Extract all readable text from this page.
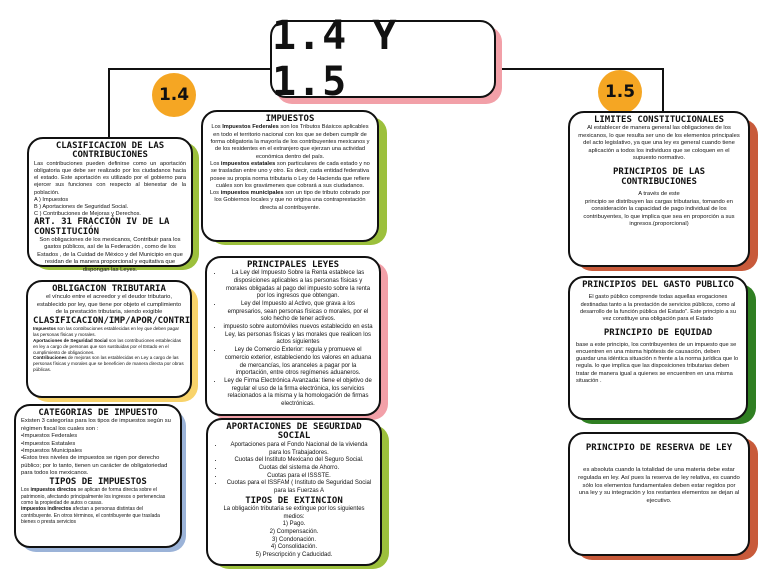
1.4 Y 1.5
1.4	1.5

CLASIFICACION DE LAS CONTRIBUCIONES

Las contribuciones pueden definirse como un aportación obligatoria que debe ser realizado por los ciudadanos hacia el estado. Este aportación es utilizado por el gobierno para ejercer sus funciones con respecto al bienestar de la población.

A ) Impuestos

B ) Aportaciones de Seguridad Social.

C ) Contribuciones de Mejoras y Derechos.

ART. 31 FRACCIÓN IV DE LA CONSTITUCIÓN

Son obligaciones de los mexicanos, Contribuir para los gastos públicos, así de la Federación , como de los Estados , de la Cuidad de México y del Municipio en que residan de la manera proporcional y equitativa que dispongan las Leyes.

OBLIGACION TRIBUTARIA

el vínculo entre el acreedor y el deudor tributario, establecido por ley, que tiene por objeto el cumplimiento de la prestación tributaria, siendo exigible

CLASIFICACION/IMP/APOR/CONTRI

Impuestos son las contribuciones establecidas en ley que deben pagar las personas físicas y morales.

Aportaciones de Seguridad Social son las contribuciones establecidas en ley a cargo de personas que son sustituidas por el Estado en el cumplimiento de obligaciones.

Contribuciones de mejoras son las establecidas en Ley a cargo de las personas físicas y morales que se beneficien de manera directa por obras públicas.

CATEGORIAS DE IMPUESTO

Existen 3 categorías para los tipos de impuestos según su régimen fiscal los cuales son :

•Impuestos Federales

•Impuestos Estatales

•Impuestos Municipales

•Estos tres niveles de impuestos se rigen por derecho público; por lo tanto, tienen un carácter de obligatoriedad para todos los mexicanos.

TIPOS DE IMPUESTOS

Los impuestos directos se aplican de forma directa sobre el patrimonio, afectando principalmente los ingresos o pertenencias como la propiedad de autos o casas.

impuestos indirectos afectan a personas distintas del contribuyente. En otros términos, el contribuyente que traslada bienes o presta servicios

IMPUESTOS

Los Impuestos Federales son los Tributos Básicos aplicables en todo el territorio nacional con los que se deben cumplir de forma obligatoria la mayoría de los contribuyentes mexicanos y de los residentes en el extranjero que ejerzan una actividad económica dentro del país.

Los impuestos estatales son particulares de cada estado y no se trasladan entre uno y otro. Es decir, cada entidad federativa posee su propia norma tributaria o Ley de Hacienda que refiere cuáles son los gravámenes que cobrará a sus ciudadanos.

Los impuestos municipales son un tipo de tributo cobrado por los Gobiernos locales y que no origina una contraprestación directa al contribuyente.

PRINCIPALES LEYES

• La Ley del Impuesto Sobre la Renta establece las disposiciones aplicables a las personas físicas y morales obligadas al pago del impuesto sobre la renta por los ingresos que obtengan.
• Ley del Impuesto al Activo, que grava a los empresarios, sean personas físicas o morales, por el solo hecho de tener activos.
• impuesto sobre automóviles nuevos establecido en esta Ley, las personas físicas y las morales que realicen los actos siguientes
• Ley de Comercio Exterior: regula y promueve el comercio exterior, estableciendo los valores en aduana de mercancías, los aranceles a pagar por la importación, entre otros regímenes aduaneros.
• Ley de Firma Electrónica Avanzada: tiene el objetivo de regular el uso de la firma electrónica, los servicios relacionados a la misma y la homologación de firmas electrónicas.

APORTACIONES DE SEGURIDAD SOCIAL

• Aportaciones para el Fondo Nacional de la vivienda para los Trabajadores.
• Cuotas del Instituto Mexicano del Seguro Social.
• Cuotas del sistema de Ahorro.
• Cuotas para el ISSSTE.
• Cuotas para el ISSFAM ( Instituto de Seguridad Social para las Fuerzas A

TIPOS DE EXTINCION

La obligación tributaria se extingue por los siguientes medios:

1) Pago.

2) Compensación.

3) Condonación.

4) Consolidación.

5) Prescripción y Caducidad.

LIMITES CONSTITUCIONALES

Al establecer de manera general las obligaciones de los mexicanos, lo que resulta ser uno de los elementos principales del acto legislativo, ya que una ley es general cuando tiene aplicación a todos los individuos que se coloquen en el supuesto normativo.

PRINCIPIOS DE LAS CONTRIBUCIONES

A través de este

principio se distribuyen las cargas tributarias, tomando en consideración la capacidad de pago individual de los contribuyentes, lo que implica que sea en proporción a sus ingresos.(proporcional)

PRINCIPIOS DEL GASTO PUBLICO

El gasto público comprende todas aquellas erogaciones destinadas tanto a la prestación de servicios públicos, como al desarrollo de la función pública del Estado". Este principio a su vez constituye una obligación para el Estado

PRINCIPIO DE EQUIDAD

base a este principio, los contribuyentes de un impuesto que se encuentren en una misma hipótesis de causación, deben guardar una idéntica situación n frente a la norma jurídica que lo regula. lo que implica que las disposiciones tributarias deben tratar de manera igual a quienes se encuentren en una misma situación .

PRINCIPIO DE RESERVA DE LEY

es absoluta cuando la totalidad de una materia debe estar regulada en ley. Así pues la reserva de ley relativa, es cuando sólo los elementos fundamentales deben estar regidos por una ley y su integración y los restantes elementos se dejan al ejecutivo.
